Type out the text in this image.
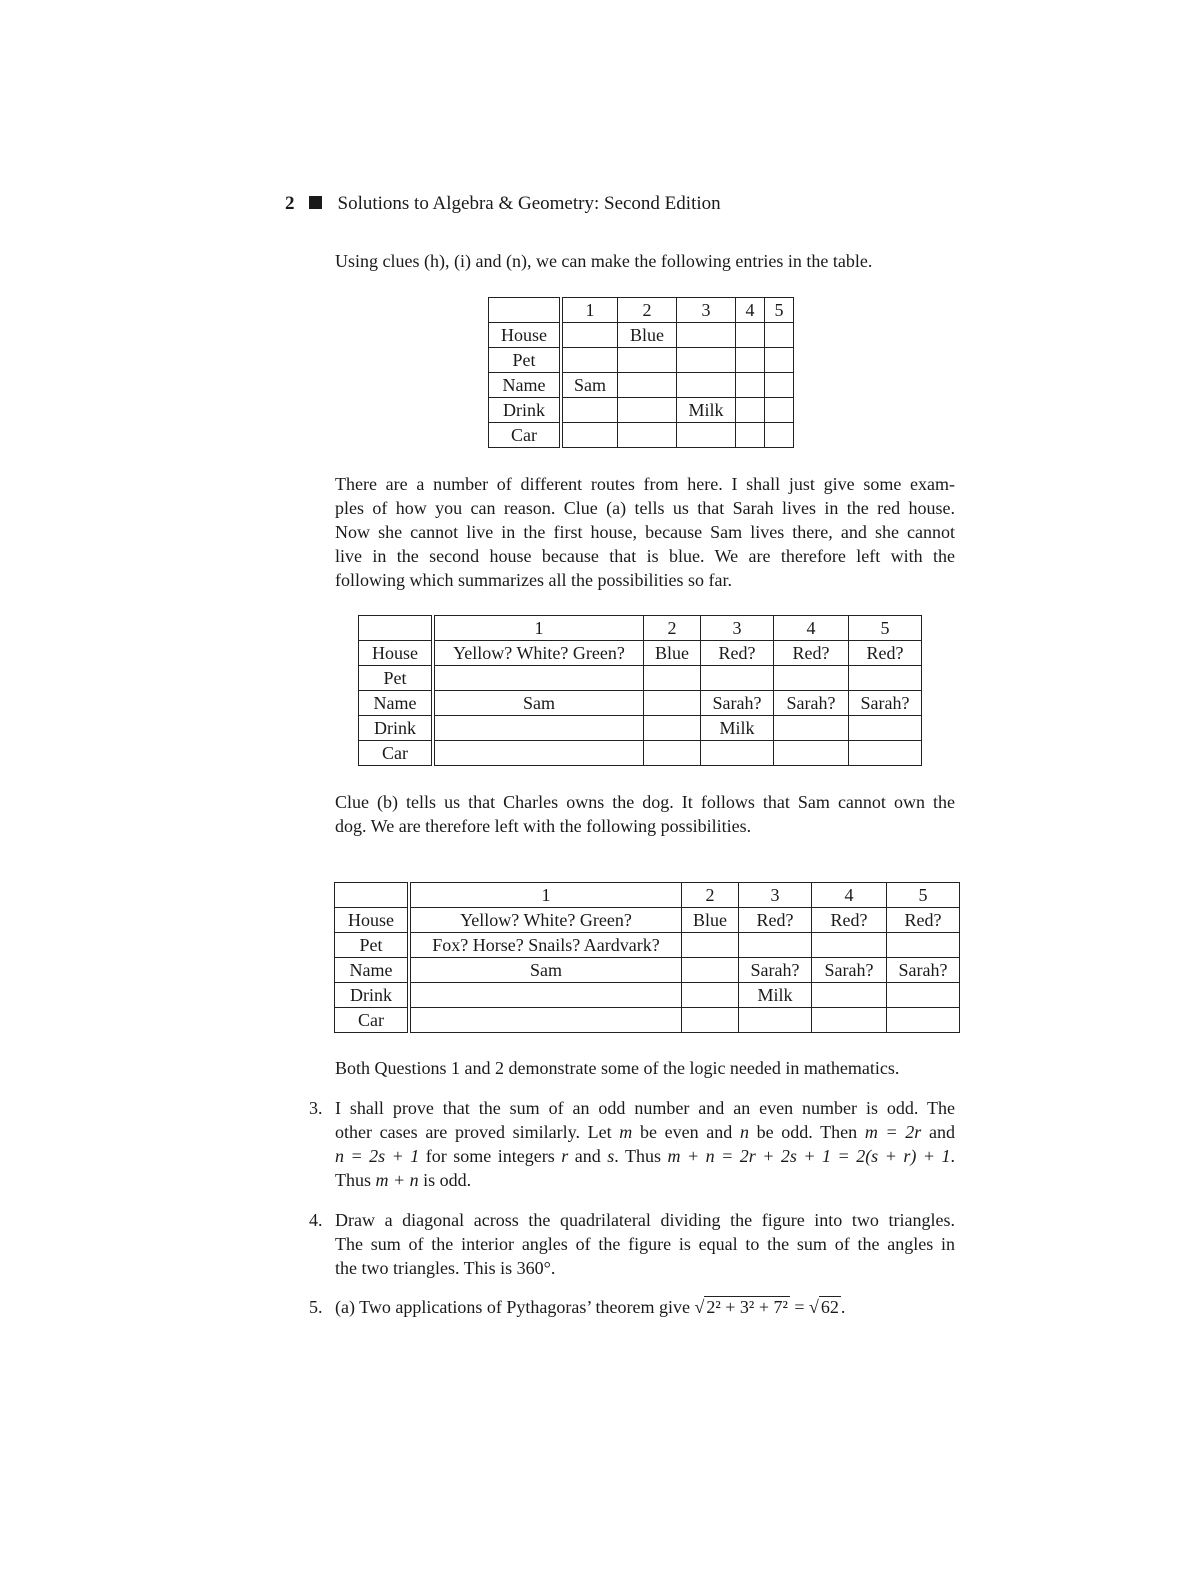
2 Solutions to Algebra & Geometry: Second Edition
Using clues (h), (i) and (n), we can make the following entries in the table.
	1	2	3	4	5
House		Blue			
Pet					
Name	Sam				
Drink			Milk		
Car					
There are a number of different routes from here. I shall just give some exam-
ples of how you can reason. Clue (a) tells us that Sarah lives in the red house.
Now she cannot live in the first house, because Sam lives there, and she cannot
live in the second house because that is blue. We are therefore left with the
following which summarizes all the possibilities so far.
	1	2	3	4	5
House	Yellow? White? Green?	Blue	Red?	Red?	Red?
Pet					
Name	Sam		Sarah?	Sarah?	Sarah?
Drink			Milk		
Car					
Clue (b) tells us that Charles owns the dog. It follows that Sam cannot own the
dog. We are therefore left with the following possibilities.
	1	2	3	4	5
House	Yellow? White? Green?	Blue	Red?	Red?	Red?
Pet	Fox? Horse? Snails? Aardvark?				
Name	Sam		Sarah?	Sarah?	Sarah?
Drink			Milk		
Car					
Both Questions 1 and 2 demonstrate some of the logic needed in mathematics.
3. I shall prove that the sum of an odd number and an even number is odd. The
other cases are proved similarly. Let m be even and n be odd. Then m = 2r and
n = 2s + 1 for some integers r and s. Thus m + n = 2r + 2s + 1 = 2(s + r) + 1.
Thus m + n is odd.
4. Draw a diagonal across the quadrilateral dividing the figure into two triangles.
The sum of the interior angles of the figure is equal to the sum of the angles in
the two triangles. This is 360°.
5. (a) Two applications of Pythagoras’ theorem give √ 2² + 3² + 7² = √ 62 .
